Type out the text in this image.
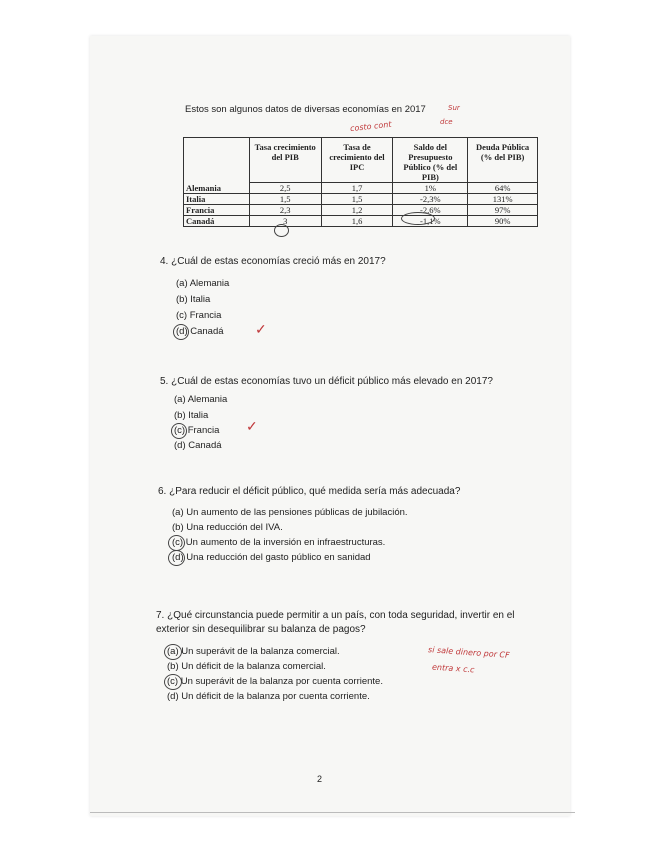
Estos son algunos datos de diversas economías en 2017
costo cont
Sur
dce
	Tasa crecimiento del PIB	Tasa de crecimiento del IPC	Saldo del Presupuesto Público (% del PIB)	Deuda Pública (% del PIB)
Alemania	2,5	1,7	1%	64%
Italia	1,5	1,5	-2,3%	131%
Francia	2,3	1,2	-2,6%	97%
Canadá	3	1,6	-1,1%	90%
4. ¿Cuál de estas economías creció más en 2017?
(a) Alemania
(b) Italia
(c) Francia
(d) Canadá ✓
5. ¿Cuál de estas economías tuvo un déficit público más elevado en 2017?
(a) Alemania
(b) Italia
(c) Francia
(d) Canadá
✓
6. ¿Para reducir el déficit público, qué medida sería más adecuada?
(a) Un aumento de las pensiones públicas de jubilación.
(b) Una reducción del IVA.
(c) Un aumento de la inversión en infraestructuras.
(d) Una reducción del gasto público en sanidad
7. ¿Qué circunstancia puede permitir a un país, con toda seguridad, invertir en el
exterior sin desequilibrar su balanza de pagos?
(a) Un superávit de la balanza comercial.
(b) Un déficit de la balanza comercial.
(c) Un superávit de la balanza por cuenta corriente.
(d) Un déficit de la balanza por cuenta corriente.
si sale dinero por CF
entra x c.c
2
